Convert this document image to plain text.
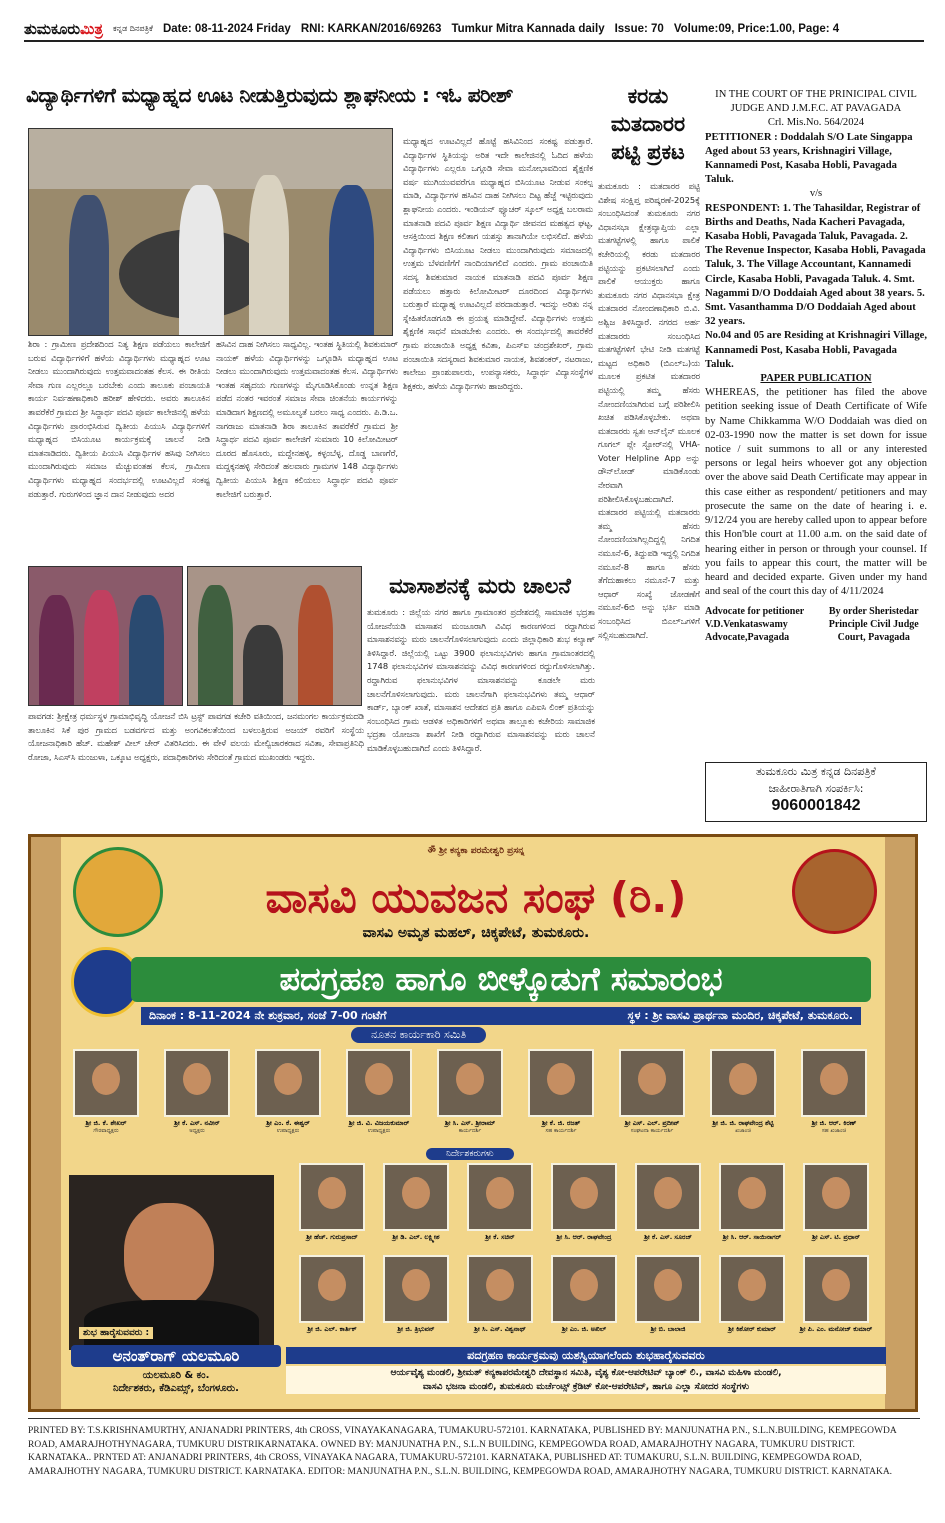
ತುಮಕೂರುಮಿತ್ರ ಕನ್ನಡ ದಿನಪತ್ರಿಕೆ Date: 08-11-2024 Friday RNI: KARKAN/2016/69263 Tumkur Mitra Kannada daily Issue: 70 Volume:09, Price:1.00, Page: 4
ವಿದ್ಯಾರ್ಥಿಗಳಿಗೆ ಮಧ್ಯಾಹ್ನದ ಊಟ ನೀಡುತ್ತಿರುವುದು ಶ್ಲಾಘನೀಯ : ಇಓ ಪರೀಶ್

ಶಿರಾ : ಗ್ರಾಮೀಣ ಪ್ರದೇಶದಿಂದ ನಿತ್ಯ ಶಿಕ್ಷಣ ಪಡೆಯಲು ಕಾಲೇಜಿಗೆ ಬರುವ ವಿದ್ಯಾರ್ಥಿಗಳಿಗೆ ಹಳೆಯ ವಿದ್ಯಾರ್ಥಿಗಳು ಮಧ್ಯಾಹ್ನದ ಊಟ ನೀಡಲು ಮುಂದಾಗಿರುವುದು ಉತ್ತಮವಾದಂತಹ ಕೆಲಸ. ಈ ರೀತಿಯ ಸೇವಾ ಗುಣ ಎಲ್ಲರಲ್ಲೂ ಬರಬೇಕು ಎಂದು ತಾಲೂಕು ಪಂಚಾಯತಿ ಕಾರ್ಯ ನಿರ್ವಹಣಾಧಿಕಾರಿ ಹರೀಶ್ ಹೇಳಿದರು. ಅವರು ತಾಲೂಕಿನ ತಾವರೆಕೆರೆ ಗ್ರಾಮದ ಶ್ರೀ ಸಿದ್ಧಾರ್ಥ ಪದವಿ ಪೂರ್ವ ಕಾಲೇಜಿನಲ್ಲಿ ಹಳೆಯ ವಿದ್ಯಾರ್ಥಿಗಳು ಪ್ರಾರಂಭಿಸಿರುವ ದ್ವಿತೀಯ ಪಿಯುಸಿ ವಿದ್ಯಾರ್ಥಿಗಳಿಗೆ ಮಧ್ಯಾಹ್ನದ ಬಿಸಿಯೂಟ ಕಾರ್ಯಕ್ರಮಕ್ಕೆ ಚಾಲನೆ ನೀಡಿ ಮಾತನಾಡಿದರು. ದ್ವಿತೀಯ ಪಿಯುಸಿ ವಿದ್ಯಾರ್ಥಿಗಳ ಹಸಿವು ನೀಗಿಸಲು ಮುಂದಾಗಿರುವುದು ಸಮಾಜ ಮೆಚ್ಚುವಂತಹ ಕೆಲಸ, ಗ್ರಾಮೀಣ ವಿದ್ಯಾರ್ಥಿಗಳು ಮಧ್ಯಾಹ್ನದ ಸಂದರ್ಭದಲ್ಲಿ ಊಟವಿಲ್ಲದೆ ಸಂಕಷ್ಟ ಪಡುತ್ತಾರೆ. ಗುರುಗಳಿಂದ ಜ್ಞಾನ ದಾನ ನೀಡುವುದು ಅದರ

ಹಸಿವಿನ ದಾಹ ನೀಗಿಸಲು ಸಾಧ್ಯವಿಲ್ಲ. ಇಂತಹ ಸ್ಥಿತಿಯಲ್ಲಿ ಶಿವಕುಮಾರ್ ನಾಯಕ್ ಹಳೆಯ ವಿದ್ಯಾರ್ಥಿಗಳನ್ನು ಒಗ್ಗೂಡಿಸಿ ಮಧ್ಯಾಹ್ನದ ಊಟ ನೀಡಲು ಮುಂದಾಗಿರುವುದು ಉತ್ತಮವಾದಂತಹ ಕೆಲಸ. ವಿದ್ಯಾರ್ಥಿಗಳು ಇಂತಹ ಸಹೃದಯ ಗುಣಗಳನ್ನು ಮೈಗೂಡಿಸಿಕೊಂಡು ಉನ್ನತ ಶಿಕ್ಷಣ ಪಡೆದ ನಂತರ ಇವರಂತೆ ಸಮಾಜ ಸೇವಾ ಚಿಂತನೆಯ ಕಾರ್ಯಗಳನ್ನು ಮಾಡಿದಾಗ ಶಿಕ್ಷಣದಲ್ಲಿ ಅಮೂಲ್ಯತೆ ಬರಲು ಸಾಧ್ಯ ಎಂದರು. ಪಿ.ಡಿ.ಒ. ನಾಗರಾಜು ಮಾತನಾಡಿ ಶಿರಾ ತಾಲೂಕಿನ ತಾವರೆಕೆರೆ ಗ್ರಾಮದ ಶ್ರೀ ಸಿದ್ಧಾರ್ಥ ಪದವಿ ಪೂರ್ವ ಕಾಲೇಜಿಗೆ ಸುಮಾರು 10 ಕಿಲೋಮೀಟರ್ ದೂರದ ಹೊಸೂರು, ಮದ್ದೇನಹಳ್ಳಿ, ಕಳ್ಳಂಬೆಳ್ಳ, ದೊಡ್ಡ ಬಾಣಗೆರೆ, ಮದ್ದಕ್ಕನಹಳ್ಳಿ ಸೇರಿದಂತೆ ಹಲವಾರು ಗ್ರಾಮಗಳ 148 ವಿದ್ಯಾರ್ಥಿಗಳು ದ್ವಿತೀಯ ಪಿಯುಸಿ ಶಿಕ್ಷಣ ಕಲಿಯಲು ಸಿದ್ಧಾರ್ಥ ಪದವಿ ಪೂರ್ವ ಕಾಲೇಜಿಗೆ ಬರುತ್ತಾರೆ.

ಮಧ್ಯಾಹ್ನದ ಊಟವಿಲ್ಲದೆ ಹೊಟ್ಟೆ ಹಸಿವಿನಿಂದ ಸಂಕಷ್ಟ ಪಡುತ್ತಾರೆ. ವಿದ್ಯಾರ್ಥಿಗಳ ಸ್ಥಿತಿಯನ್ನು ಅರಿತ ಇದೇ ಕಾಲೇಜಿನಲ್ಲಿ ಓದಿದ ಹಳೆಯ ವಿದ್ಯಾರ್ಥಿಗಳು ಎಲ್ಲರೂ ಒಗ್ಗೂಡಿ ಸೇವಾ ಮನೋಭಾವದಿಂದ ಶೈಕ್ಷಣಿಕ ವರ್ಷ ಮುಗಿಯುವವರೆಗೂ ಮಧ್ಯಾಹ್ನದ ಬಿಸಿಯೂಟ ನೀಡುವ ಸಂಕಲ್ಪ ಮಾಡಿ, ವಿದ್ಯಾರ್ಥಿಗಳ ಹಸಿವಿನ ದಾಹ ನೀಗಿಸಲು ದಿಟ್ಟ ಹೆಜ್ಜೆ ಇಟ್ಟಿರುವುದು ಶ್ಲಾಘನೀಯ ಎಂದರು. ಇಂಡಿಯನ್ ಫ್ಯೂಚರ್ ಸ್ಕೂಲ್ ಅಧ್ಯಕ್ಷ ಬಲರಾಮ ಮಾತನಾಡಿ ಪದವಿ ಪೂರ್ವ ಶಿಕ್ಷಣ ವಿದ್ಯಾರ್ಥಿ ಜೀವನದ ಮಹತ್ವದ ಘಟ್ಟ, ಆಸಕ್ತಿಯಿಂದ ಶಿಕ್ಷಣ ಕಲಿತಾಗ ಯಶಸ್ಸು ತಾನಾಗಿಯೇ ಲಭಿಸಲಿದೆ. ಹಳೆಯ ವಿದ್ಯಾರ್ಥಿಗಳು ಬಿಸಿಯೂಟ ನೀಡಲು ಮುಂದಾಗಿರುವುದು ಸಮಾಜದಲ್ಲಿ ಉತ್ತಮ ಬೆಳವಣಿಗೆಗೆ ನಾಂದಿಯಾಗಲಿದೆ ಎಂದರು. ಗ್ರಾಮ ಪಂಚಾಯಿತಿ ಸದಸ್ಯ ಶಿವಕುಮಾರ ನಾಯಕ ಮಾತನಾಡಿ ಪದವಿ ಪೂರ್ವ ಶಿಕ್ಷಣ ಪಡೆಯಲು ಹತ್ತಾರು ಕಿಲೋಮೀಟರ್ ದೂರದಿಂದ ವಿದ್ಯಾರ್ಥಿಗಳು ಬರುತ್ತಾರೆ ಮಧ್ಯಾಹ್ನ ಊಟವಿಲ್ಲದೆ ಪರದಾಡುತ್ತಾರೆ. ಇದನ್ನು ಅರಿತು ನನ್ನ ಸ್ನೇಹಿತರೊಡಗೂಡಿ ಈ ಪ್ರಯತ್ನ ಮಾಡಿದ್ದೇವೆ. ವಿದ್ಯಾರ್ಥಿಗಳು ಉತ್ತಮ ಶೈಕ್ಷಣಿಕ ಸಾಧನೆ ಮಾಡಬೇಕು ಎಂದರು. ಈ ಸಂದರ್ಭದಲ್ಲಿ ತಾವರೆಕೆರೆ ಗ್ರಾಮ ಪಂಚಾಯಿತಿ ಅಧ್ಯಕ್ಷ ಕವಿತಾ, ಪಿಎಸ್ಐ ಚಂದ್ರಶೇಖರ್, ಗ್ರಾಮ ಪಂಚಾಯಿತಿ ಸದಸ್ಯರಾದ ಶಿವಕುಮಾರ ನಾಯಕ, ಶಿವಶಂಕರ್, ನಟರಾಜು, ಕಾಲೇಜು ಪ್ರಾಂಶುಪಾಲರು, ಉಪನ್ಯಾಸಕರು, ಸಿದ್ಧಾರ್ಥ ವಿದ್ಯಾಸಂಸ್ಥೆಗಳ ಶಿಕ್ಷಕರು, ಹಳೆಯ ವಿದ್ಯಾರ್ಥಿಗಳು ಹಾಜರಿದ್ದರು.

ಕರಡು ಮತದಾರರ ಪಟ್ಟಿ ಪ್ರಕಟ

ತುಮಕೂರು : ಮತದಾರರ ಪಟ್ಟಿ ವಿಶೇಷ ಸಂಕ್ಷಿಪ್ತ ಪರಿಷ್ಕರಣೆ-2025ಕ್ಕೆ ಸಂಬಂಧಿಸಿದಂತೆ ತುಮಕೂರು ನಗರ ವಿಧಾನಸಭಾ ಕ್ಷೇತ್ರವ್ಯಾಪ್ತಿಯ ಎಲ್ಲಾ ಮತಗಟ್ಟೆಗಳಲ್ಲಿ ಹಾಗೂ ಪಾಲಿಕೆ ಕಚೇರಿಯಲ್ಲಿ ಕರಡು ಮತದಾರರ ಪಟ್ಟಿಯನ್ನು ಪ್ರಕಟಿಸಲಾಗಿದೆ ಎಂದು ಪಾಲಿಕೆ ಆಯುಕ್ತರು ಹಾಗೂ ತುಮಕೂರು ನಗರ ವಿಧಾನಸಭಾ ಕ್ಷೇತ್ರ ಮತದಾರರ ನೋಂದಣಾಧಿಕಾರಿ ಬಿ.ವಿ. ಅಶ್ವಿಜ ತಿಳಿಸಿದ್ದಾರೆ. ನಗರದ ಅರ್ಹ ಮತದಾರರು ಸಂಬಂಧಿಸಿದ ಮತಗಟ್ಟೆಗಳಿಗೆ ಭೇಟಿ ನೀಡಿ ಮತಗಟ್ಟೆ ಮಟ್ಟದ ಅಧಿಕಾರಿ (ಬಿಎಲ್ಒ)ಯ ಮೂಲಕ ಪ್ರಕಟಿತ ಮತದಾರರ ಪಟ್ಟಿಯಲ್ಲಿ ತಮ್ಮ ಹೆಸರು ನೋಂದಣಿಯಾಗಿರುವ ಬಗ್ಗೆ ಪರಿಶೀಲಿಸಿ ಖಚಿತ ಪಡಿಸಿಕೊಳ್ಳಬೇಕು. ಅಥವಾ ಮತದಾರರು ಸ್ವತಃ ಆನ್‌ಲೈನ್ ಮೂಲಕ ಗೂಗಲ್ ಪ್ಲೇ ಸ್ಟೋರ್‌ನಲ್ಲಿ VHA-Voter Helpline App ಅನ್ನು ಡೌನ್‌ಲೋಡ್ ಮಾಡಿಕೊಂಡು ನೇರವಾಗಿ ಪರಿಶೀಲಿಸಿಕೊಳ್ಳಬಹುದಾಗಿದೆ. ಮತದಾರರ ಪಟ್ಟಿಯಲ್ಲಿ ಮತದಾರರು ತಮ್ಮ ಹೆಸರು ನೋಂದಣಿಯಾಗಿಲ್ಲದಿದ್ದಲ್ಲಿ ನಿಗದಿತ ನಮೂನೆ-6, ತಿದ್ದುಪಡಿ ಇದ್ದಲ್ಲಿ ನಿಗದಿತ ನಮೂನೆ-8 ಹಾಗೂ ಹೆಸರು ತೆಗೆದುಹಾಕಲು ನಮೂನೆ-7 ಮತ್ತು ಆಧಾರ್ ಸಂಖ್ಯೆ ಜೋಡಣೆಗೆ ನಮೂನೆ-6ಬಿ ಅನ್ನು ಭರ್ತಿ ಮಾಡಿ ಸಂಬಂಧಿಸಿದ ಬಿಎಲ್ಒಗಳಿಗೆ ಸಲ್ಲಿಸಬಹುದಾಗಿದೆ.

IN THE COURT OF THE PRINICIPAL CIVIL JUDGE AND J.M.F.C. AT PAVAGADA
Crl. Mis.No. 564/2024
PETITIONER : Doddalah S/O Late Singappa Aged about 53 years, Krishnagiri Village, Kannamedi Post, Kasaba Hobli, Pavagada Taluk.
v/s
RESPONDENT: 1. The Tahasildar, Registrar of Births and Deaths, Nada Kacheri Pavagada, Kasaba Hobli, Pavagada Taluk, Pavagada. 2. The Revenue Inspector, Kasaba Hobli, Pavagada Taluk, 3. The Village Accountant, Kannamedi Circle, Kasaba Hobli, Pavagada Taluk. 4. Smt. Nagammi D/O Doddaiah Aged about 38 years. 5. Smt. Vasanthamma D/O Doddaiah Aged about 32 years.
No.04 and 05 are Residing at Krishnagiri Village, Kannamedi Post, Kasaba Hobli, Pavagada Taluk.
PAPER PUBLICATION
WHEREAS, the petitioner has filed the above petition seeking issue of Death Certificate of Wife by Name Chikkamma W/O Doddaiah was died on 02-03-1990 now the matter is set down for issue notice / suit summons to all or any interested persons or legal heirs whoever got any objection over the above said Death Certificate may appear in this case either as respondent/ petitioners and may prosecute the same on the date of hearing i. e. 9/12/24 you are hereby called upon to appear before this Hon'ble court at 11.00 a.m. on the said date of hearing either in person or through your counsel. If you fails to appear this court, the matter will be heard and decided exparte. Given under my hand and seal of the court this day of 4/11/2024
Advocate for petitioner V.D.Venkataswamy Advocate,Pavagada
By order Sheristedar Principle Civil Judge Court, Pavagada
ಮಾಸಾಶನಕ್ಕೆ ಮರು ಚಾಲನೆ

ಪಾವಗಡ: ಶ್ರೀಕ್ಷೇತ್ರ ಧರ್ಮಸ್ಥಳ ಗ್ರಾಮಾಭಿವೃದ್ಧಿ ಯೋಜನೆ ಬಿಸಿ ಟ್ರಸ್ಟ್ ಪಾವಗಡ ಕಚೇರಿ ವತಿಯಿಂದ, ಜನಮಂಗಲ ಕಾರ್ಯಕ್ರಮದಡಿ ತಾಲೂಕಿನ ಸಿಕೆ ಪುರ ಗ್ರಾಮದ ಬಡವರ್ಗದ ಮತ್ತು ಅಂಗವಿಕಲತೆಯಿಂದ ಬಳಲುತ್ತಿರುವ ಅಜಯ್ ರವರಿಗೆ ಸಂಸ್ಥೆಯ ಯೋಜನಾಧಿಕಾರಿ ಹೆಚ್. ಮಹೇಶ್ ವೀಲ್ ಚೇರ್ ವಿತರಿಸಿದರು. ಈ ವೇಳೆ ವಲಯ ಮೇಲ್ವಿಚಾರಕರಾದ ಸವಿತಾ, ಸೇವಾಪ್ರತಿನಿಧಿ ರೋಜಾ, ಸಿಎಸ್‌ಸಿ ಮಂಜುಳಾ, ಒಕ್ಕೂಟ ಅಧ್ಯಕ್ಷರು, ಪದಾಧಿಕಾರಿಗಳು ಸೇರಿದಂತೆ ಗ್ರಾಮದ ಮುಖಂಡರು ಇದ್ದರು.

ತುಮಕೂರು : ಜಿಲ್ಲೆಯ ನಗರ ಹಾಗೂ ಗ್ರಾಮಾಂತರ ಪ್ರದೇಶದಲ್ಲಿ ಸಾಮಾಜಿಕ ಭದ್ರತಾ ಯೋಜನೆಯಡಿ ಮಾಸಾಶನ ಮಂಜೂರಾಗಿ ವಿವಿಧ ಕಾರಣಗಳಿಂದ ರದ್ದಾಗಿರುವ ಮಾಸಾಶನವನ್ನು ಮರು ಚಾಲನೆಗೊಳಿಸಲಾಗುವುದು ಎಂದು ಜಿಲ್ಲಾಧಿಕಾರಿ ಶುಭ ಕಲ್ಯಾಣ್ ತಿಳಿಸಿದ್ದಾರೆ. ಜಿಲ್ಲೆಯಲ್ಲಿ ಒಟ್ಟು 3900 ಫಲಾನುಭವಿಗಳು ಹಾಗೂ ಗ್ರಾಮಾಂತರದಲ್ಲಿ 1748 ಫಲಾನುಭವಿಗಳ ಮಾಸಾಶನವನ್ನು ವಿವಿಧ ಕಾರಣಗಳಿಂದ ರದ್ದುಗೊಳಿಸಲಾಗಿತ್ತು. ರದ್ದಾಗಿರುವ ಫಲಾನುಭವಿಗಳ ಮಾಸಾಶನವನ್ನು ಕೂಡಲೇ ಮರು ಚಾಲನೆಗೊಳಿಸಲಾಗುವುದು. ಮರು ಚಾಲನೆಗಾಗಿ ಫಲಾನುಭವಿಗಳು ತಮ್ಮ ಆಧಾರ್ ಕಾರ್ಡ್, ಬ್ಯಾಂಕ್ ಖಾತೆ, ಮಾಸಾಶನ ಆದೇಶದ ಪ್ರತಿ ಹಾಗೂ ಎಪಿಐಸಿ ಲಿಂಕ್ ಪ್ರತಿಯನ್ನು ಸಂಬಂಧಿಸಿದ ಗ್ರಾಮ ಆಡಳಿತ ಅಧಿಕಾರಿಗಳಿಗೆ ಅಥವಾ ತಾಲ್ಲೂಕು ಕಚೇರಿಯ ಸಾಮಾಜಿಕ ಭದ್ರತಾ ಯೋಜನಾ ಶಾಖೆಗೆ ನೀಡಿ ರದ್ದಾಗಿರುವ ಮಾಸಾಶನವನ್ನು ಮರು ಚಾಲನೆ ಮಾಡಿಕೊಳ್ಳಬಹುದಾಗಿದೆ ಎಂದು ತಿಳಿಸಿದ್ದಾರೆ.

ತುಮಕೂರು ಮಿತ್ರ ಕನ್ನಡ ದಿನಪತ್ರಿಕೆ
ಜಾಹೀರಾತಿಗಾಗಿ ಸಂಪರ್ಕಿಸಿ:
9060001842
ॐ ಶ್ರೀ ಕನ್ಯಕಾ ಪರಮೇಶ್ವರಿ ಪ್ರಸನ್ನ
ವಾಸವಿ ಯುವಜನ ಸಂಘ (ರಿ.)
ವಾಸವಿ ಅಮೃತ ಮಹಲ್, ಚಿಕ್ಕಪೇಟೆ, ತುಮಕೂರು.
ಪದಗ್ರಹಣ ಹಾಗೂ ಬೀಳ್ಕೊಡುಗೆ ಸಮಾರಂಭ
ದಿನಾಂಕ : 8-11-2024 ನೇ ಶುಕ್ರವಾರ, ಸಂಜೆ 7-00 ಗಂಟೆಗೆ	ಸ್ಥಳ : ಶ್ರೀ ವಾಸವಿ ಪ್ರಾರ್ಥನಾ ಮಂದಿರ, ಚಿಕ್ಕಪೇಟೆ, ತುಮಕೂರು.
ನೂತನ ಕಾರ್ಯಕಾರಿ ಸಮಿತಿ
ಶ್ರೀ ಜಿ. ಕೆ. ಶೇಖರ್
ಗೌರವಾಧ್ಯಕ್ಷರು
ಶ್ರೀ ಕೆ. ಎಸ್. ನವೀನ್
ಅಧ್ಯಕ್ಷರು
ಶ್ರೀ ಎಂ. ಕೆ. ಈಶ್ವರ್
ಉಪಾಧ್ಯಕ್ಷರು
ಶ್ರೀ ಜಿ. ವಿ. ವಿಜಯಕುಮಾರ್
ಉಪಾಧ್ಯಕ್ಷರು
ಶ್ರೀ ಸಿ. ಎಸ್. ಶ್ರೀರಾಮ್
ಕಾರ್ಯದರ್ಶಿ
ಶ್ರೀ ಕೆ. ಜಿ. ರಜತ್
ಸಹ ಕಾರ್ಯದರ್ಶಿ
ಶ್ರೀ ಎಸ್. ಎಲ್. ಪ್ರದೀಪ್
ಸಂಘಟನಾ ಕಾರ್ಯದರ್ಶಿ
ಶ್ರೀ ಜಿ. ಜಿ. ರಾಘವೇಂದ್ರ ಶೆಟ್ಟಿ
ಖಜಾಂಚಿ
ಶ್ರೀ ಜಿ. ಆರ್. ಕಿರಣ್
ಸಹ ಖಜಾಂಚಿ
ನಿರ್ದೇಶಕರುಗಳು
ಶ್ರೀ ಹೆಚ್. ಗುರುಪ್ರಸಾದ್	ಶ್ರೀ ಡಿ. ಎಲ್. ಲಕ್ಷ್ಮೀಶ	ಶ್ರೀ ಕೆ. ಸಚಿನ್	ಶ್ರೀ ಸಿ. ಆರ್. ರಾಘವೇಂದ್ರ	ಶ್ರೀ ಕೆ. ಎಸ್. ಸೂರಜ್	ಶ್ರೀ ಸಿ. ಆರ್. ಸಾಯಿನಾಗರ್	ಶ್ರೀ ಎಸ್. ಟಿ. ಪ್ರಧಾನ್
ಶ್ರೀ ಜಿ. ಎಲ್. ಕಾರ್ತಿಕ್	ಶ್ರೀ ಜಿ. ತ್ರಿಭುವನ್	ಶ್ರೀ ಸಿ. ಎಸ್. ವಿಶ್ವನಾಥ್	ಶ್ರೀ ಎಂ. ಜಿ. ಅಖಿಲ್	ಶ್ರೀ ಬಿ. ಬಾಲಾಜಿ	ಶ್ರೀ ಕಿಶೋರ್ ಕುಮಾರ್	ಶ್ರೀ ಪಿ. ಎಂ. ಮನೋಜ್ ಕುಮಾರ್
ಶುಭ ಹಾರೈಸುವವರು :
ಅನಂತ್‌ರಾಗ್ ಯಲಮೂರಿ
ಯಲಮೂರಿ & ಕಂ.
ನಿರ್ದೇಶಕರು, ಕೆಡಿಎಮ್ಸ್, ಬೆಂಗಳೂರು.
ಪದಗ್ರಹಣ ಕಾರ್ಯಕ್ರಮವು ಯಶಸ್ವಿಯಾಗಲೆಂದು ಶುಭಹಾರೈಸುವವರು
ಆರ್ಯವೈಶ್ಯ ಮಂಡಲಿ, ಶ್ರೀಮತ್ ಕನ್ಯಕಾಪರಮೇಶ್ವರಿ ದೇವಸ್ಥಾನ ಸಮಿತಿ, ವೈಶ್ಯ ಕೋ-ಆಪರೇಟಿವ್ ಬ್ಯಾಂಕ್ ಲಿ., ವಾಸವಿ ಮಹಿಳಾ ಮಂಡಲಿ,
ವಾಸವಿ ಭಜನಾ ಮಂಡಲಿ, ತುಮಕೂರು ಮರ್ಚೆಂಟ್ಸ್ ಕ್ರೆಡಿಟ್ ಕೋ-ಆಪರೇಟಿವ್, ಹಾಗೂ ಎಲ್ಲಾ ಸೋದರ ಸಂಸ್ಥೆಗಳು
PRINTED BY: T.S.KRISHNAMURTHY, ANJANADRI PRINTERS, 4th CROSS, VINAYAKANAGARA, TUMAKURU-572101. KARNATAKA, PUBLISHED BY: MANJUNATHA P.N., S.L.N.BUILDING, KEMPEGOWDA ROAD, AMARAJHOTHYNAGARA, TUMKURU DISTRIKARNATAKA. OWNED BY: MANJUNATHA P.N., S.L.N BUILDING, KEMPEGOWDA ROAD, AMARAJHOTHY NAGARA, TUMKURU DISTRICT. KARNATAKA.. PRNTED AT: ANJANADRI PRINTERS, 4th CROSS, VINAYAKA NAGARA, TUMAKURU-572101. KARNATAKA, PUBLISHED AT: TUMAKURU, S.L.N. BUILDING, KEMPEGOWDA ROAD, AMARAJHOTHY NAGARA, TUMKURU DISTRICT. KARNATAKA. EDITOR: MANJUNATHA P.N., S.L.N. BUILDING, KEMPEGOWDA ROAD, AMARAJHOTHY NAGARA, TUMKURU DISTRICT. KARNATAKA.
